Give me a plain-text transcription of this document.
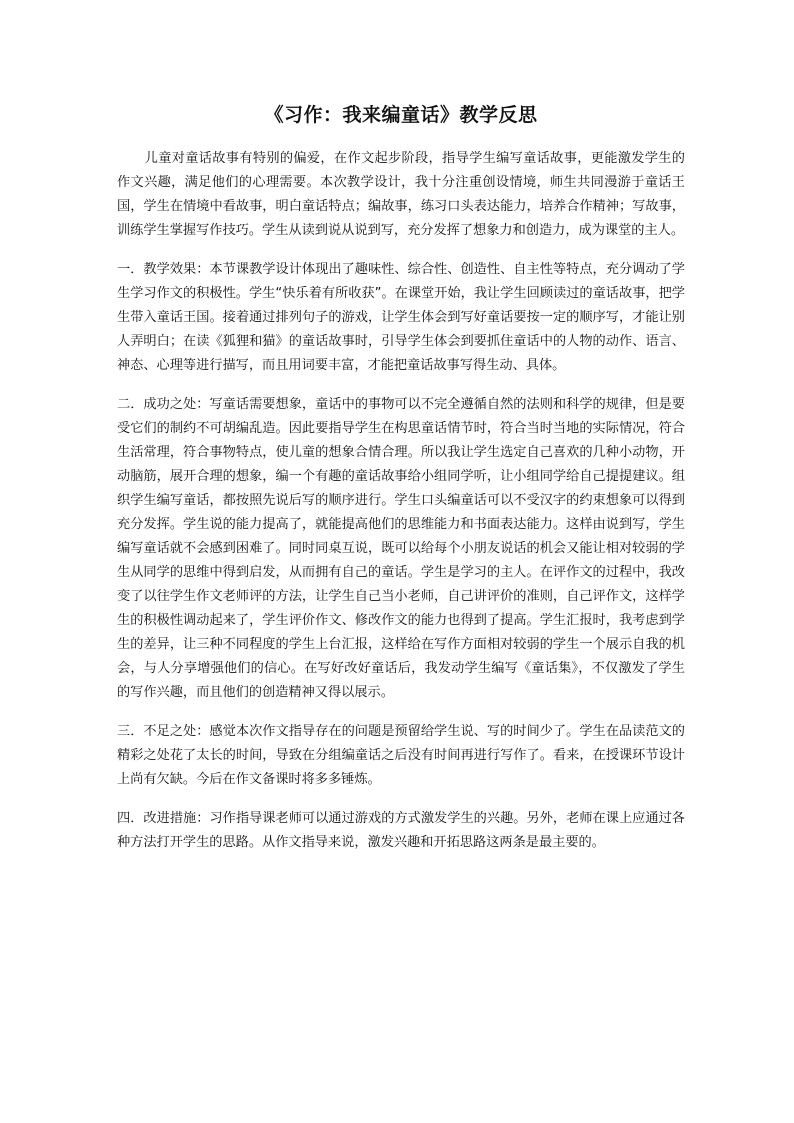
《习作：我来编童话》教学反思

儿童对童话故事有特别的偏爱，在作文起步阶段，指导学生编写童话故事，更能激发学生的作文兴趣，满足他们的心理需要。本次教学设计，我十分注重创设情境，师生共同漫游于童话王国，学生在情境中看故事，明白童话特点；编故事，练习口头表达能力，培养合作精神；写故事，训练学生掌握写作技巧。学生从读到说从说到写，充分发挥了想象力和创造力，成为课堂的主人。

一．教学效果：本节课教学设计体现出了趣味性、综合性、创造性、自主性等特点，充分调动了学生学习作文的积极性。学生“快乐着有所收获”。在课堂开始，我让学生回顾读过的童话故事，把学生带入童话王国。接着通过排列句子的游戏，让学生体会到写好童话要按一定的顺序写，才能让别人弄明白；在读《狐狸和猫》的童话故事时，引导学生体会到要抓住童话中的人物的动作、语言、神态、心理等进行描写，而且用词要丰富，才能把童话故事写得生动、具体。

二．成功之处：写童话需要想象，童话中的事物可以不完全遵循自然的法则和科学的规律，但是要受它们的制约不可胡编乱造。因此要指导学生在构思童话情节时，符合当时当地的实际情况，符合生活常理，符合事物特点，使儿童的想象合情合理。所以我让学生选定自己喜欢的几种小动物，开动脑筋，展开合理的想象，编一个有趣的童话故事给小组同学听，让小组同学给自己提提建议。组织学生编写童话，都按照先说后写的顺序进行。学生口头编童话可以不受汉字的约束想象可以得到充分发挥。学生说的能力提高了，就能提高他们的思维能力和书面表达能力。这样由说到写，学生编写童话就不会感到困难了。同时同桌互说，既可以给每个小朋友说话的机会又能让相对较弱的学生从同学的思维中得到启发，从而拥有自己的童话。学生是学习的主人。在评作文的过程中，我改变了以往学生作文老师评的方法，让学生自己当小老师，自己讲评价的准则，自己评作文，这样学生的积极性调动起来了，学生评价作文、修改作文的能力也得到了提高。学生汇报时，我考虑到学生的差异，让三种不同程度的学生上台汇报，这样给在写作方面相对较弱的学生一个展示自我的机会，与人分享增强他们的信心。在写好改好童话后，我发动学生编写《童话集》，不仅激发了学生的写作兴趣，而且他们的创造精神又得以展示。

三．不足之处：感觉本次作文指导存在的问题是预留给学生说、写的时间少了。学生在品读范文的精彩之处花了太长的时间，导致在分组编童话之后没有时间再进行写作了。看来，在授课环节设计上尚有欠缺。今后在作文备课时将多多锤炼。

四．改进措施：习作指导课老师可以通过游戏的方式激发学生的兴趣。另外，老师在课上应通过各种方法打开学生的思路。从作文指导来说，激发兴趣和开拓思路这两条是最主要的。
